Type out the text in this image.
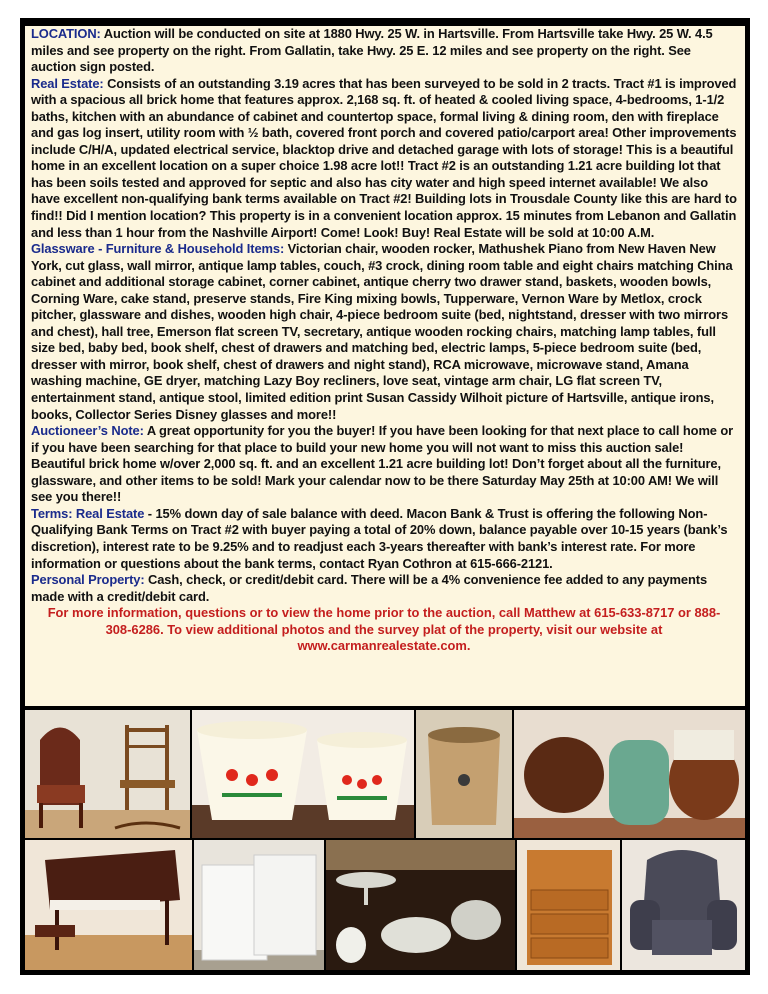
LOCATION: Auction will be conducted on site at 1880 Hwy. 25 W. in Hartsville. From Hartsville take Hwy. 25 W. 4.5 miles and see property on the right. From Gallatin, take Hwy. 25 E. 12 miles and see property on the right. See auction sign posted.

Real Estate: Consists of an outstanding 3.19 acres that has been surveyed to be sold in 2 tracts. Tract #1 is improved with a spacious all brick home that features approx. 2,168 sq. ft. of heated & cooled living space, 4-bedrooms, 1-1/2 baths, kitchen with an abundance of cabinet and countertop space, formal living & dining room, den with fireplace and gas log insert, utility room with ½ bath, covered front porch and covered patio/carport area! Other improvements include C/H/A, updated electrical service, blacktop drive and detached garage with lots of storage! This is a beautiful home in an excellent location on a super choice 1.98 acre lot!! Tract #2 is an outstanding 1.21 acre building lot that has been soils tested and approved for septic and also has city water and high speed internet available! We also have excellent non-qualifying bank terms available on Tract #2! Building lots in Trousdale County like this are hard to find!! Did I mention location? This property is in a convenient location approx. 15 minutes from Lebanon and Gallatin and less than 1 hour from the Nashville Airport! Come! Look! Buy! Real Estate will be sold at 10:00 A.M.

Glassware - Furniture & Household Items: Victorian chair, wooden rocker, Mathushek Piano from New Haven New York, cut glass, wall mirror, antique lamp tables, couch, #3 crock, dining room table and eight chairs matching China cabinet and additional storage cabinet, corner cabinet, antique cherry two drawer stand, baskets, wooden bowls, Corning Ware, cake stand, preserve stands, Fire King mixing bowls, Tupperware, Vernon Ware by Metlox, crock pitcher, glassware and dishes, wooden high chair, 4-piece bedroom suite (bed, nightstand, dresser with two mirrors and chest), hall tree, Emerson flat screen TV, secretary, antique wooden rocking chairs, matching lamp tables, full size bed, baby bed, book shelf, chest of drawers and matching bed, electric lamps, 5-piece bedroom suite (bed, dresser with mirror, book shelf, chest of drawers and night stand), RCA microwave, microwave stand, Amana washing machine, GE dryer, matching Lazy Boy recliners, love seat, vintage arm chair, LG flat screen TV, entertainment stand, antique stool, limited edition print Susan Cassidy Wilhoit picture of Hartsville, antique irons, books, Collector Series Disney glasses and more!!

Auctioneer’s Note: A great opportunity for you the buyer! If you have been looking for that next place to call home or if you have been searching for that place to build your new home you will not want to miss this auction sale! Beautiful brick home w/over 2,000 sq. ft. and an excellent 1.21 acre building lot! Don’t forget about all the furniture, glassware, and other items to be sold! Mark your calendar now to be there Saturday May 25th at 10:00 AM! We will see you there!!

Terms: Real Estate - 15% down day of sale balance with deed. Macon Bank & Trust is offering the following Non-Qualifying Bank Terms on Tract #2 with buyer paying a total of 20% down, balance payable over 10-15 years (bank’s discretion), interest rate to be 9.25% and to readjust each 3-years thereafter with bank’s interest rate. For more information or questions about the bank terms, contact Ryan Cothron at 615-666-2121.

Personal Property: Cash, check, or credit/debit card. There will be a 4% convenience fee added to any payments made with a credit/debit card.

For more information, questions or to view the home prior to the auction, call Matthew at 615-633-8717 or 888-308-6286. To view additional photos and the survey plat of the property, visit our website at www.carmanrealestate.com.
